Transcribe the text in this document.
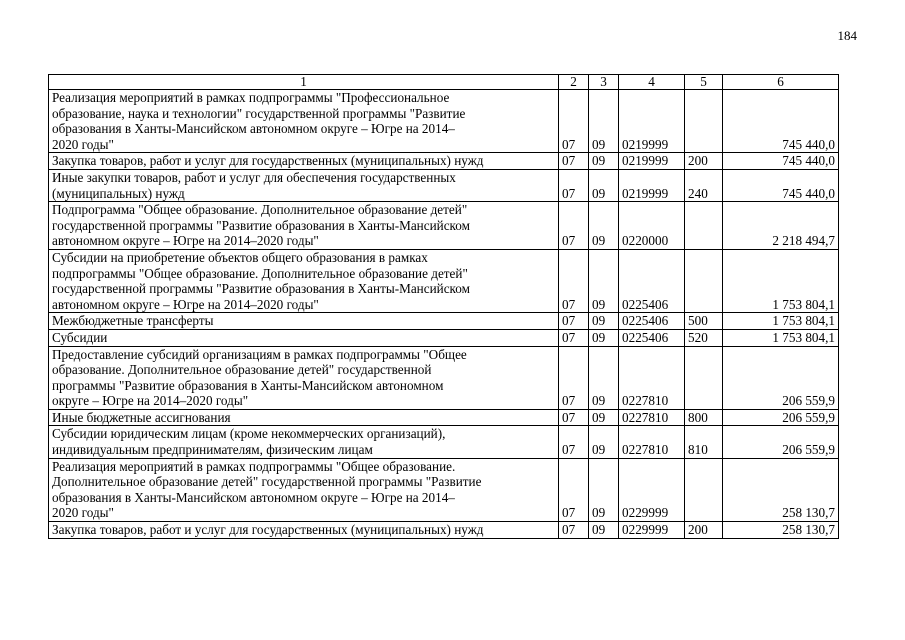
184
1	2	3	4	5	6

Реализация мероприятий в рамках подпрограммы "Профессиональное
образование, наука и технологии" государственной программы "Развитие
образования в Ханты-Мансийском автономном округе – Югре на 2014–
2020 годы"	07	09	0219999		745 440,0

Закупка товаров, работ и услуг для государственных (муниципальных) нужд	07	09	0219999	200	745 440,0

Иные закупки товаров, работ и услуг для обеспечения государственных
(муниципальных) нужд	07	09	0219999	240	745 440,0

Подпрограмма "Общее образование. Дополнительное образование детей"
государственной программы "Развитие образования в Ханты-Мансийском
автономном округе – Югре на 2014–2020 годы"	07	09	0220000		2 218 494,7

Субсидии на приобретение объектов общего образования в рамках
подпрограммы "Общее образование. Дополнительное образование детей"
государственной программы "Развитие образования в Ханты-Мансийском
автономном округе – Югре на 2014–2020 годы"	07	09	0225406		1 753 804,1

Межбюджетные трансферты	07	09	0225406	500	1 753 804,1

Субсидии	07	09	0225406	520	1 753 804,1

Предоставление субсидий организациям в рамках подпрограммы "Общее
образование. Дополнительное образование детей" государственной
программы "Развитие образования в Ханты-Мансийском автономном
округе – Югре на 2014–2020 годы"	07	09	0227810		206 559,9

Иные бюджетные ассигнования	07	09	0227810	800	206 559,9

Субсидии юридическим лицам (кроме некоммерческих организаций),
индивидуальным предпринимателям, физическим лицам	07	09	0227810	810	206 559,9

Реализация мероприятий в рамках подпрограммы "Общее образование.
Дополнительное образование детей" государственной программы "Развитие
образования в Ханты-Мансийском автономном округе – Югре на 2014–
2020 годы"	07	09	0229999		258 130,7

Закупка товаров, работ и услуг для государственных (муниципальных) нужд	07	09	0229999	200	258 130,7
